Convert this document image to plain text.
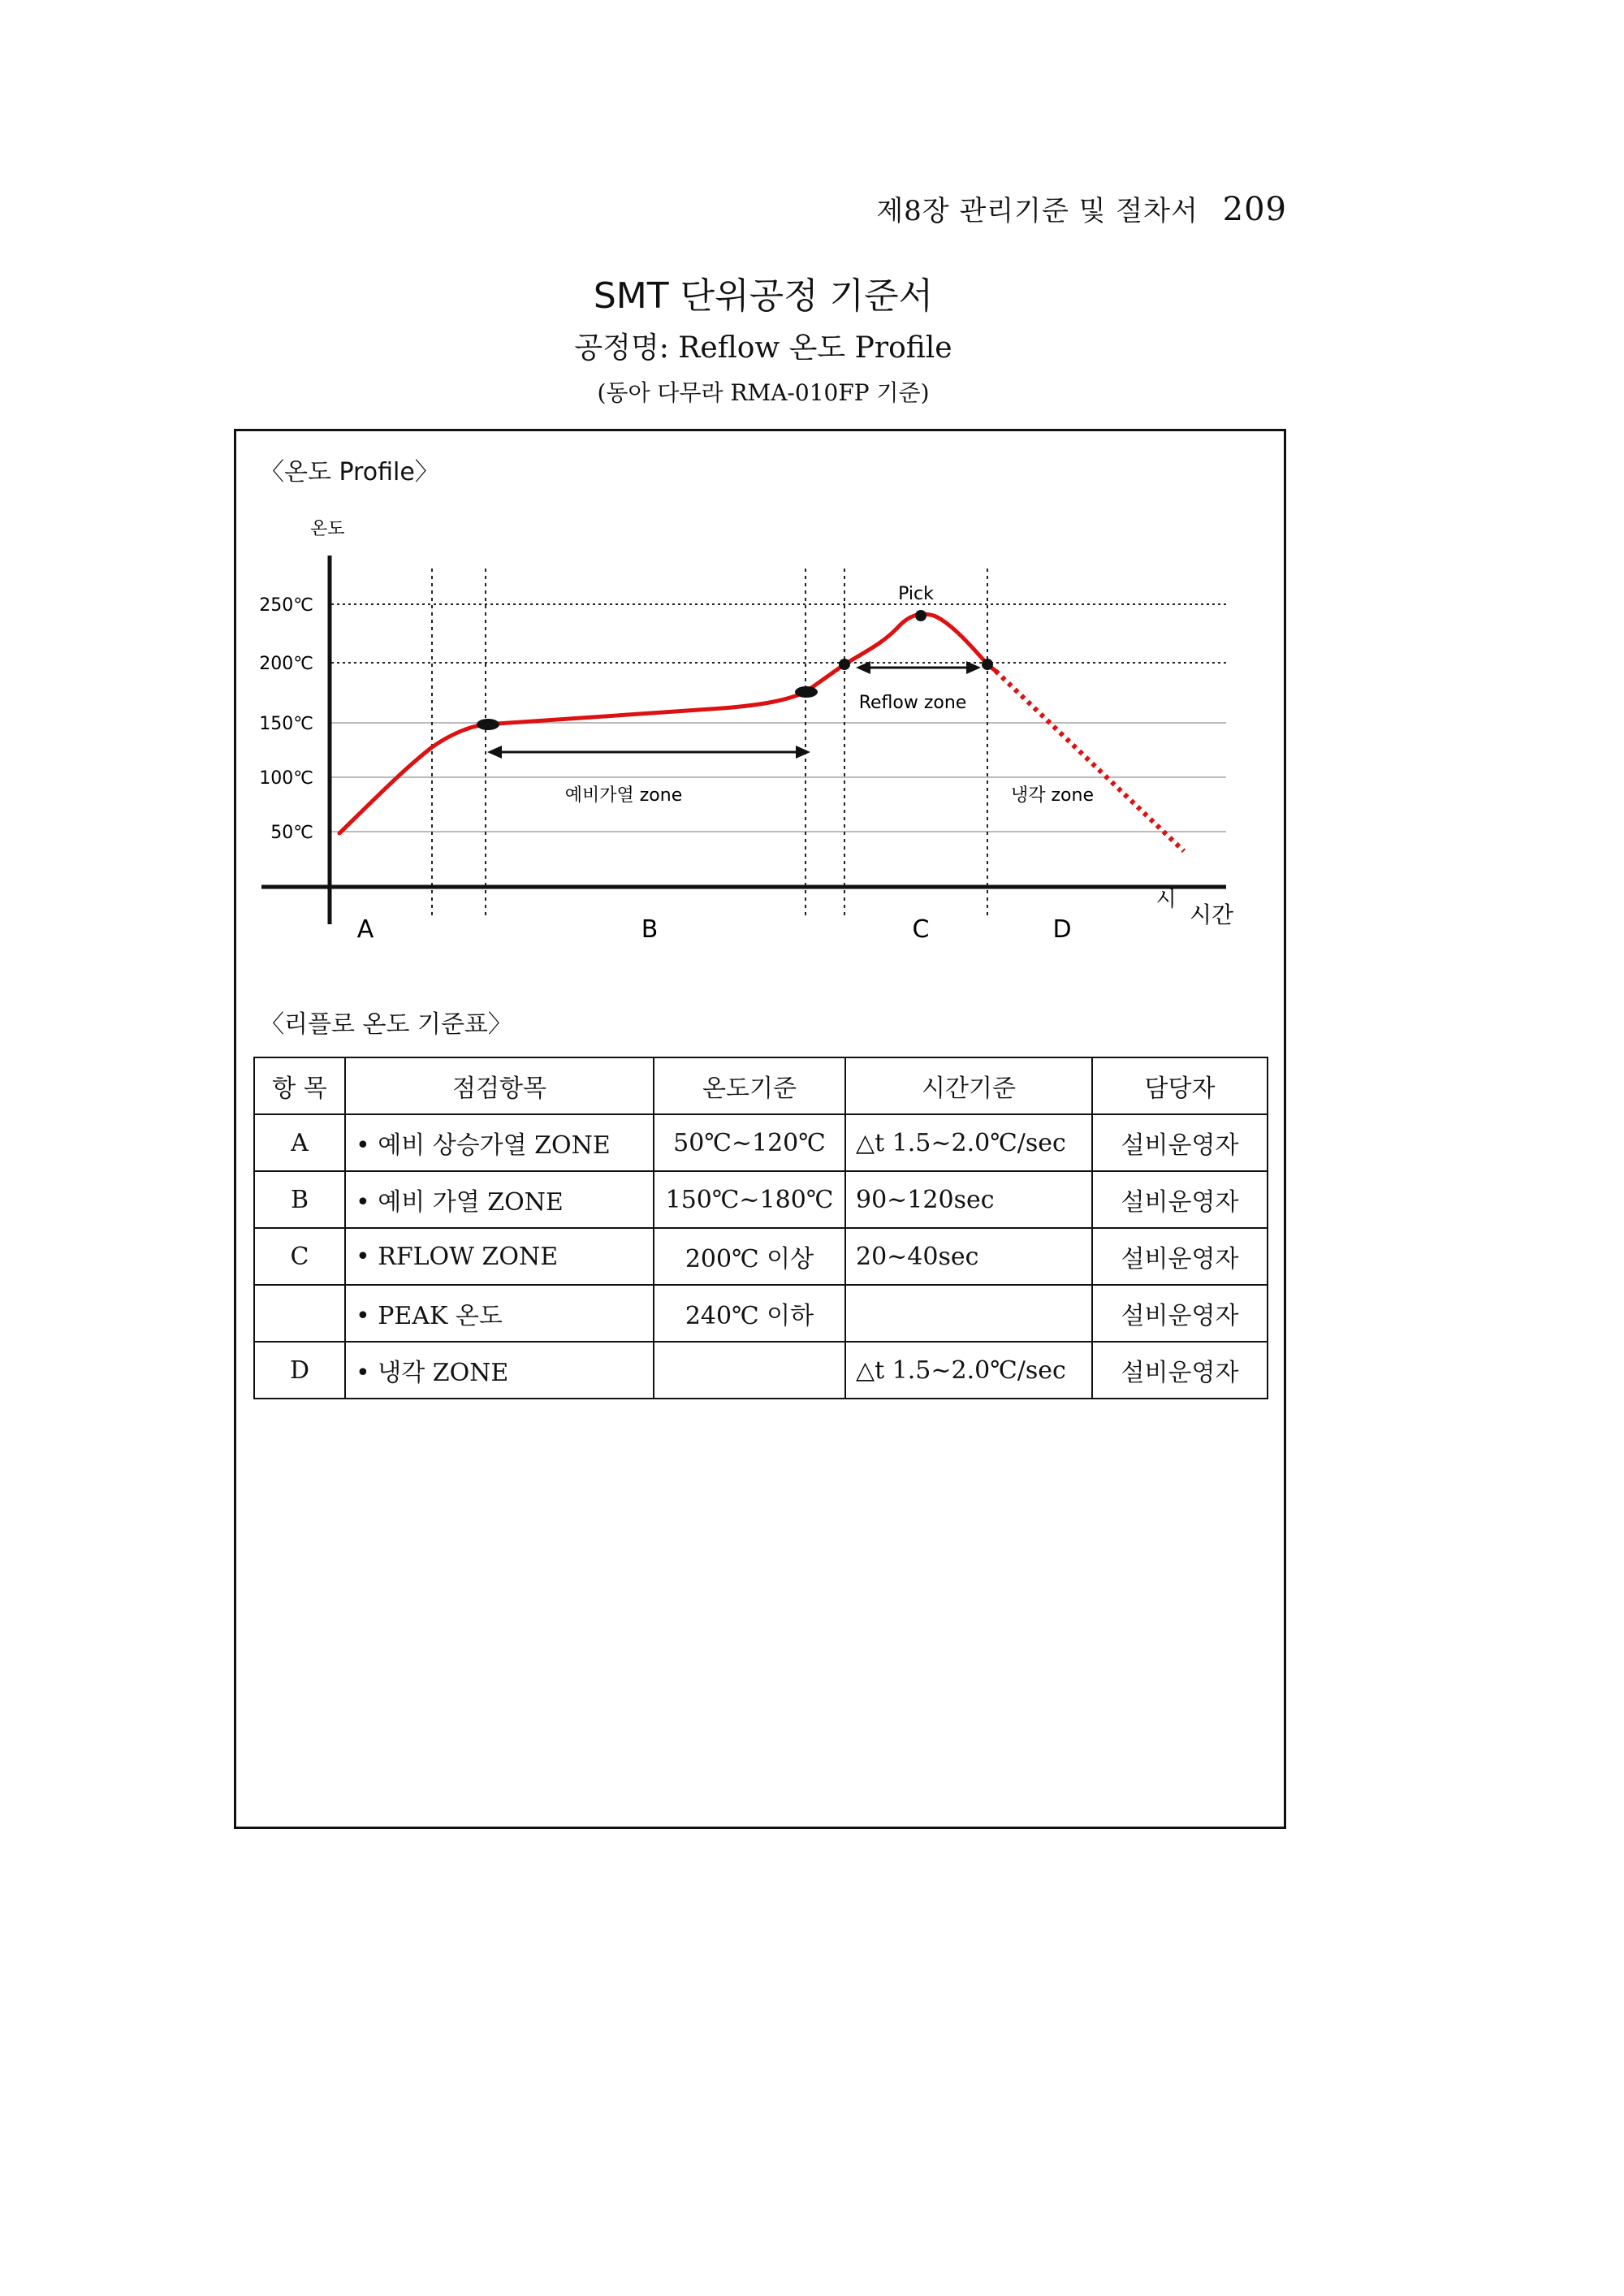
제8장 관리기준 및 절차서 209
SMT 단위공정 기준서
공정명: Reflow 온도 Profile
(동아 다무라 RMA-010FP 기준)
〈온도 Profile〉
온도
250℃
200℃
150℃
100℃
50℃
Pick
Reflow zone
예비가열 zone	냉각 zone
A	B	C	D
시
시간
〈리플로 온도 기준표〉
항 목	점검항목	온도기준	시간기준	담당자
A	• 예비 상승가열 ZONE	50℃~120℃	△t 1.5~2.0℃/sec	설비운영자
B	• 예비 가열 ZONE	150℃~180℃	90~120sec	설비운영자
C	• RFLOW ZONE	200℃ 이상	20~40sec	설비운영자
	• PEAK 온도	240℃ 이하		설비운영자
D	• 냉각 ZONE		△t 1.5~2.0℃/sec	설비운영자
